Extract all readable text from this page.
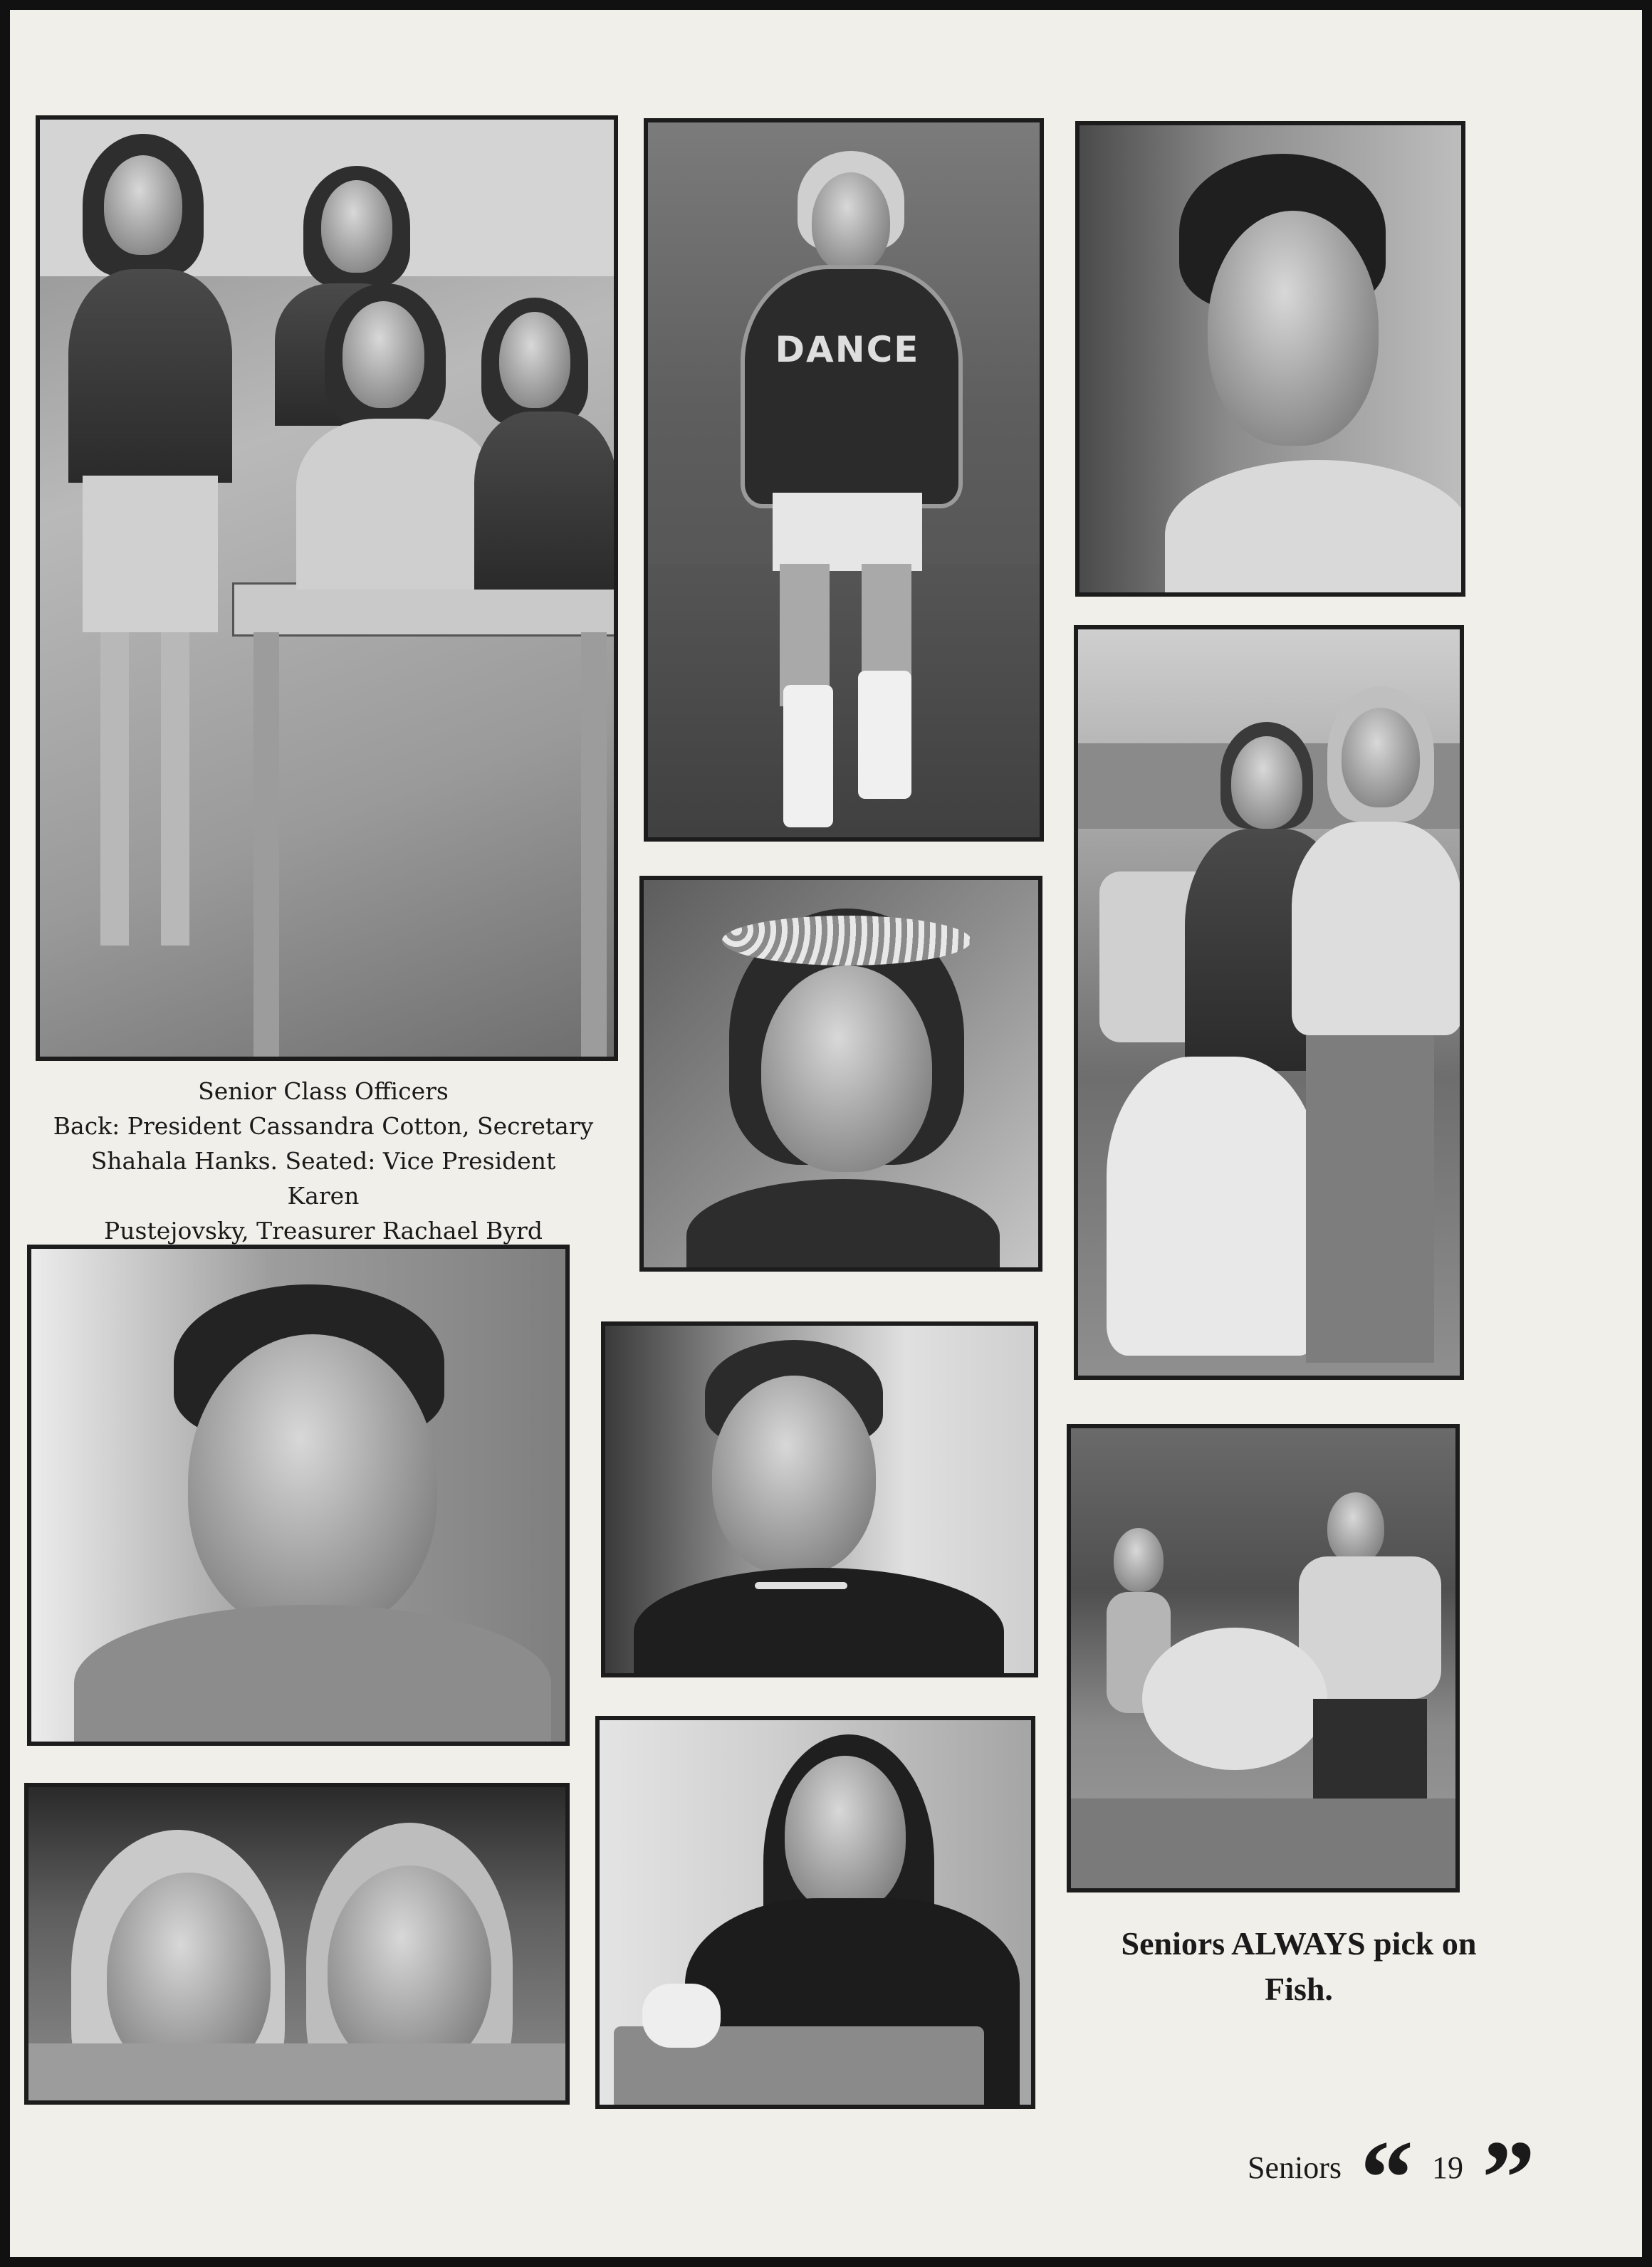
Senior Class Officers
Back: President Cassandra Cotton, Secretary
Shahala Hanks. Seated: Vice President Karen
Pustejovsky, Treasurer Rachael Byrd
DANCE
Seniors ALWAYS pick on
Fish.
Seniors “ 19 ”
